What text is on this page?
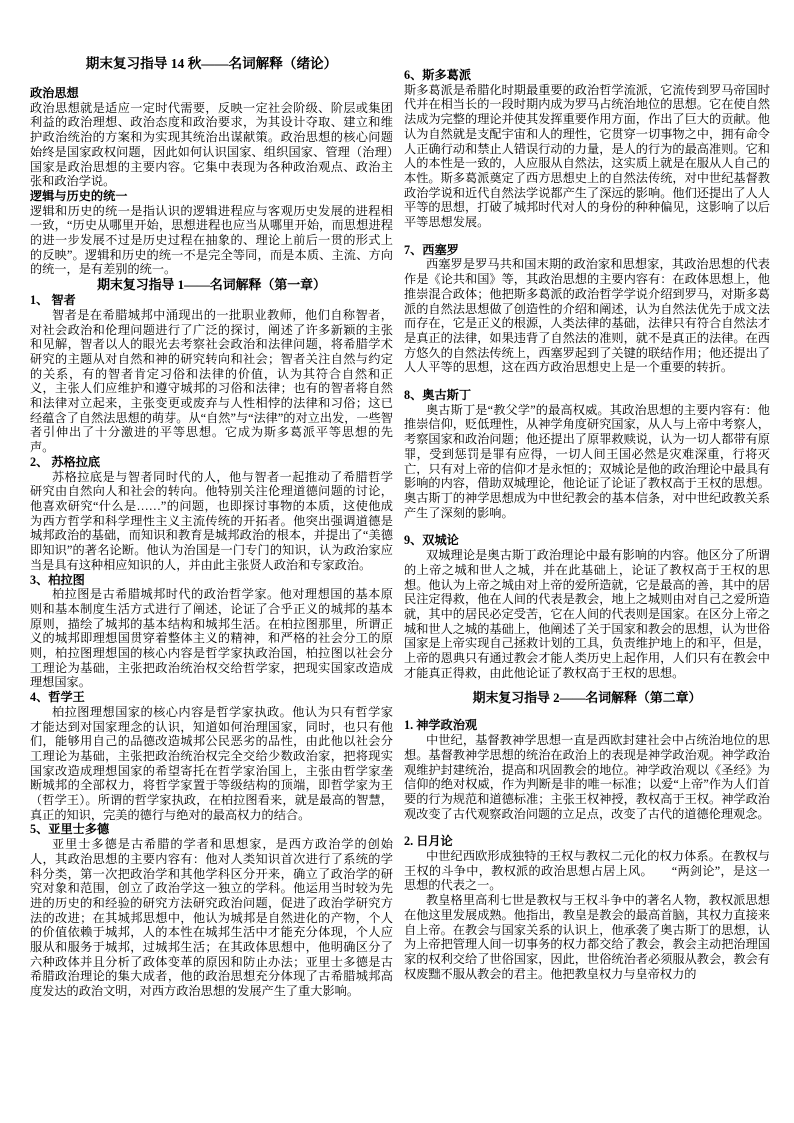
期末复习指导 14 秋——名词解释（绪论）
政治思想

政治思想就是适应一定时代需要，反映一定社会阶级、阶层或集团利益的政治理想、政治态度和政治要求，为其设计夺取、建立和维护政治统治的方案和为实现其统治出谋献策。政治思想的核心问题始终是国家政权问题，因此如何认识国家、组织国家、管理（治理）国家是政治思想的主要内容。它集中表现为各种政治观点、政治主张和政治学说。

逻辑与历史的统一

逻辑和历史的统一是指认识的逻辑进程应与客观历史发展的进程相一致，“历史从哪里开始，思想进程也应当从哪里开始，而思想进程的进一步发展不过是历史过程在抽象的、理论上前后一贯的形式上的反映”。逻辑和历史的统一不是完全等同，而是本质、主流、方向的统一，是有差别的统一。

期末复习指导 1——名词解释（第一章）
1、 智者

智者是在希腊城邦中涌现出的一批职业教师，他们自称智者，对社会政治和伦理问题进行了广泛的探讨，阐述了许多新颖的主张和见解，智者以人的眼光去考察社会政治和法律问题，将希腊学术研究的主题从对自然和神的研究转向和社会；智者关注自然与约定的关系，有的智者肯定习俗和法律的价值，认为其符合自然和正义，主张人们应维护和遵守城邦的习俗和法律；也有的智者将自然和法律对立起来，主张变更或废弃与人性相悖的法律和习俗；这已经蕴含了自然法思想的萌芽。从“自然”与“法律”的对立出发，一些智者引伸出了十分激进的平等思想。它成为斯多葛派平等思想的先声。

2、 苏格拉底

苏格拉底是与智者同时代的人，他与智者一起推动了希腊哲学研究由自然向人和社会的转向。他特别关注伦理道德问题的讨论，他喜欢研究“什么是……”的问题，也即探讨事物的本质，这使他成为西方哲学和科学理性主义主流传统的开拓者。他突出强调道德是城邦政治的基础，而知识和教育是城邦政治的根本，并提出了“美德即知识”的著名论断。他认为治国是一门专门的知识，认为政治家应当是具有这种相应知识的人，并由此主张贤人政治和专家政治。

3、柏拉图

柏拉图是古希腊城邦时代的政治哲学家。他对理想国的基本原则和基本制度生活方式进行了阐述，论证了合乎正义的城邦的基本原则，描绘了城邦的基本结构和城邦生活。在柏拉图那里，所谓正义的城邦即理想国贯穿着整体主义的精神，和严格的社会分工的原则，柏拉图理想国的核心内容是哲学家执政治国，柏拉图以社会分工理论为基础，主张把政治统治权交给哲学家，把现实国家改造成理想国家。

4、哲学王

柏拉图理想国家的核心内容是哲学家执政。他认为只有哲学家才能达到对国家理念的认识，知道如何治理国家，同时，也只有他们，能够用自己的品德改造城邦公民恶劣的品性，由此他以社会分工理论为基础，主张把政治统治权完全交给少数政治家，把将现实国家改造成理想国家的希望寄托在哲学家治国上，主张由哲学家垄断城邦的全部权力，将哲学家置于等级结构的顶端，即哲学家为王（哲学王）。所谓的哲学家执政，在柏拉图看来，就是最高的智慧，真正的知识，完美的德行与绝对的最高权力的结合。

5、亚里士多德

亚里士多德是古希腊的学者和思想家，是西方政治学的创始人，其政治思想的主要内容有：他对人类知识首次进行了系统的学科分类，第一次把政治学和其他学科区分开来，确立了政治学的研究对象和范围，创立了政治学这一独立的学科。他运用当时较为先进的历史的和经验的研究方法研究政治问题，促进了政治学研究方法的改进；在其城邦思想中，他认为城邦是自然进化的产物，个人的价值依赖于城邦，人的本性在城邦生活中才能充分体现，个人应服从和服务于城邦，过城邦生活；在其政体思想中，他明确区分了六种政体并且分析了政体变革的原因和防止办法；亚里士多德是古希腊政治理论的集大成者，他的政治思想充分体现了古希腊城邦高度发达的政治文明，对西方政治思想的发展产生了重大影响。

6、斯多葛派

斯多葛派是希腊化时期最重要的政治哲学流派，它流传到罗马帝国时代并在相当长的一段时期内成为罗马占统治地位的思想。它在使自然法成为完整的理论并使其发挥重要作用方面，作出了巨大的贡献。他认为自然就是支配宇宙和人的理性，它贯穿一切事物之中，拥有命令人正确行动和禁止人错误行动的力量，是人的行为的最高准则。它和人的本性是一致的，人应服从自然法，这实质上就是在服从人自己的本性。斯多葛派奠定了西方思想史上的自然法传统，对中世纪基督教政治学说和近代自然法学说都产生了深远的影响。他们还提出了人人平等的思想，打破了城邦时代对人的身份的种种偏见，这影响了以后平等思想发展。

7、西塞罗

西塞罗是罗马共和国末期的政治家和思想家，其政治思想的代表作是《论共和国》等，其政治思想的主要内容有：在政体思想上，他推崇混合政体；他把斯多葛派的政治哲学学说介绍到罗马，对斯多葛派的自然法思想做了创造性的介绍和阐述，认为自然法优先于成文法而存在，它是正义的根源，人类法律的基础，法律只有符合自然法才是真正的法律，如果违背了自然法的准则，就不是真正的法律。在西方悠久的自然法传统上，西塞罗起到了关键的联结作用；他还提出了人人平等的思想，这在西方政治思想史上是一个重要的转折。

8、奥古斯丁

奥古斯丁是“教父学”的最高权威。其政治思想的主要内容有：他推崇信仰，贬低理性，从神学角度研究国家，从人与上帝中考察人，考察国家和政治问题；他还提出了原罪救赎说，认为一切人都带有原罪，受到惩罚是罪有应得，一切人间王国必然是灾难深重，行将灭亡，只有对上帝的信仰才是永恒的；双城论是他的政治理论中最具有影响的内容，借助双城理论，他论证了论证了教权高于王权的思想。奥古斯丁的神学思想成为中世纪教会的基本信条，对中世纪政教关系产生了深刻的影响。

9、双城论

双城理论是奥古斯丁政治理论中最有影响的内容。他区分了所谓的上帝之城和世人之城，并在此基础上，论证了教权高于王权的思想。他认为上帝之城由对上帝的爱所造就，它是最高的善，其中的居民注定得救，他在人间的代表是教会，地上之城则由对自己之爱所造就，其中的居民必定受苦，它在人间的代表则是国家。在区分上帝之城和世人之城的基础上，他阐述了关于国家和教会的思想，认为世俗国家是上帝实现自己拯救计划的工具，负责维护地上的和平，但是，上帝的恩典只有通过教会才能人类历史上起作用，人们只有在教会中才能真正得救，由此他论证了教权高于王权的思想。

期末复习指导 2——名词解释（第二章）
1. 神学政治观

中世纪，基督教神学思想一直是西欧封建社会中占统治地位的思想。基督教神学思想的统治在政治上的表现是神学政治观。神学政治观维护封建统治，提高和巩固教会的地位。神学政治观以《圣经》为信仰的绝对权威，作为判断是非的唯一标准；以爱“上帝”作为人们首要的行为规范和道德标准；主张王权神授，教权高于王权。神学政治观改变了古代观察政治问题的立足点，改变了古代的道德伦理观念。

2. 日月论

中世纪西欧形成独特的王权与教权二元化的权力体系。在教权与王权的斗争中，教权派的政治思想占居上风。　　“两剑论”，是这一思想的代表之一。

教皇格里高利七世是教权与王权斗争中的著名人物，教权派思想在他这里发展成熟。他指出，教皇是教会的最高首脑，其权力直接来自上帝。在教会与国家关系的认识上，他承袭了奥古斯丁的思想，认为上帝把管理人间一切事务的权力都交给了教会，教会主动把治理国家的权利交给了世俗国家，因此，世俗统治者必须服从教会，教会有权废黜不服从教会的君主。他把教皇权力与皇帝权力的
